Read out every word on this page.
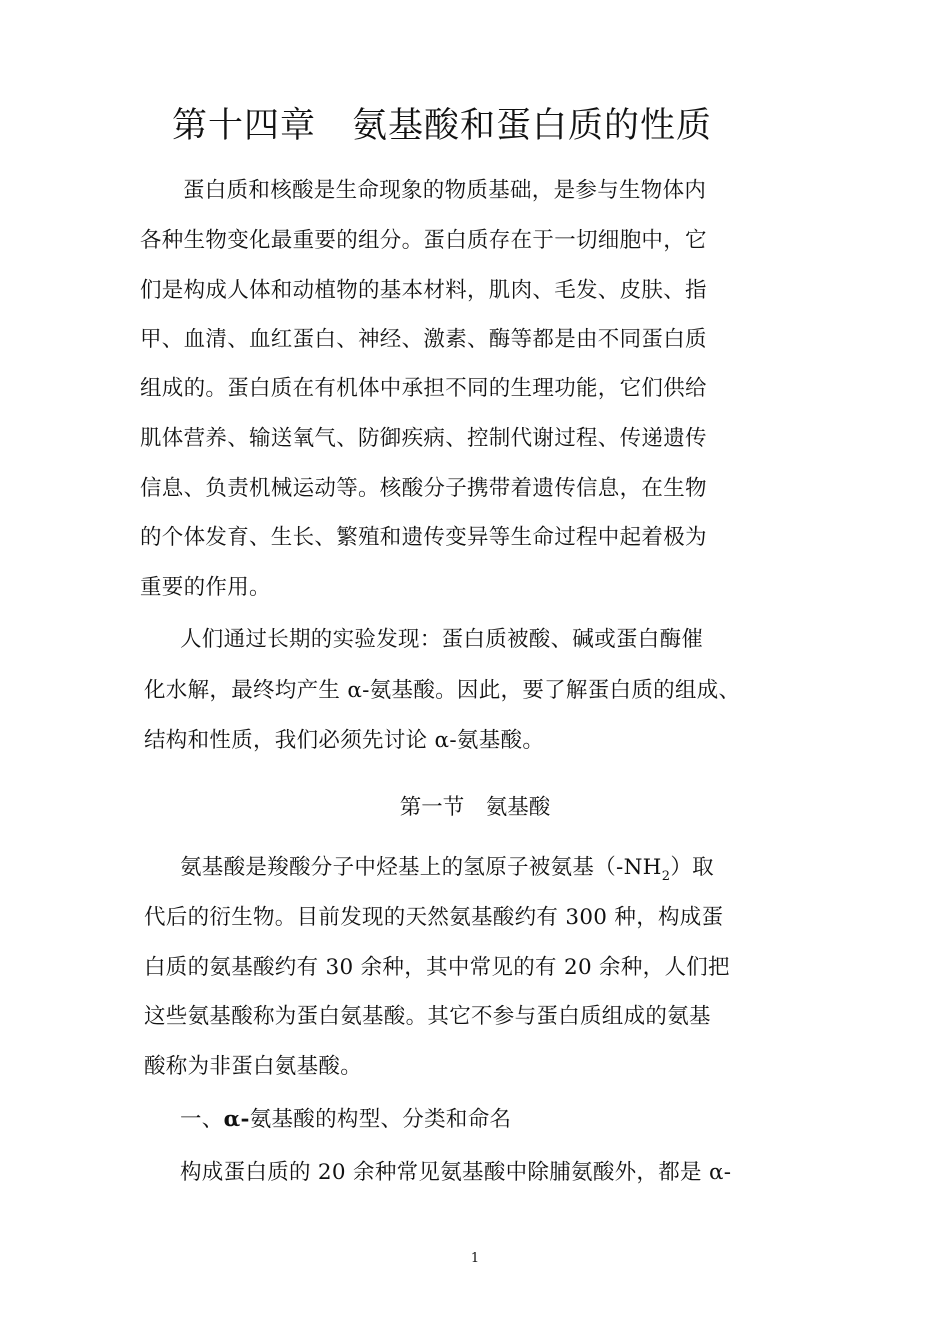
第十四章　氨基酸和蛋白质的性质
蛋白质和核酸是生命现象的物质基础，是参与生物体内
各种生物变化最重要的组分。蛋白质存在于一切细胞中，它
们是构成人体和动植物的基本材料，肌肉、毛发、皮肤、指
甲、血清、血红蛋白、神经、激素、酶等都是由不同蛋白质
组成的。蛋白质在有机体中承担不同的生理功能，它们供给
肌体营养、输送氧气、防御疾病、控制代谢过程、传递遗传
信息、负责机械运动等。核酸分子携带着遗传信息，在生物
的个体发育、生长、繁殖和遗传变异等生命过程中起着极为
重要的作用。
人们通过长期的实验发现：蛋白质被酸、碱或蛋白酶催
化水解，最终均产生 α-氨基酸。因此，要了解蛋白质的组成、
结构和性质，我们必须先讨论 α-氨基酸。
第一节　氨基酸
氨基酸是羧酸分子中烃基上的氢原子被氨基$(-NH_2)$取
代后的衍生物。目前发现的天然氨基酸约有 300 种，构成蛋
白质的氨基酸约有 30 余种，其中常见的有 20 余种，人们把
这些氨基酸称为蛋白氨基酸。其它不参与蛋白质组成的氨基
酸称为非蛋白氨基酸。
一、α-氨基酸的构型、分类和命名
构成蛋白质的 20 余种常见氨基酸中除脯氨酸外，都是 α-
1
